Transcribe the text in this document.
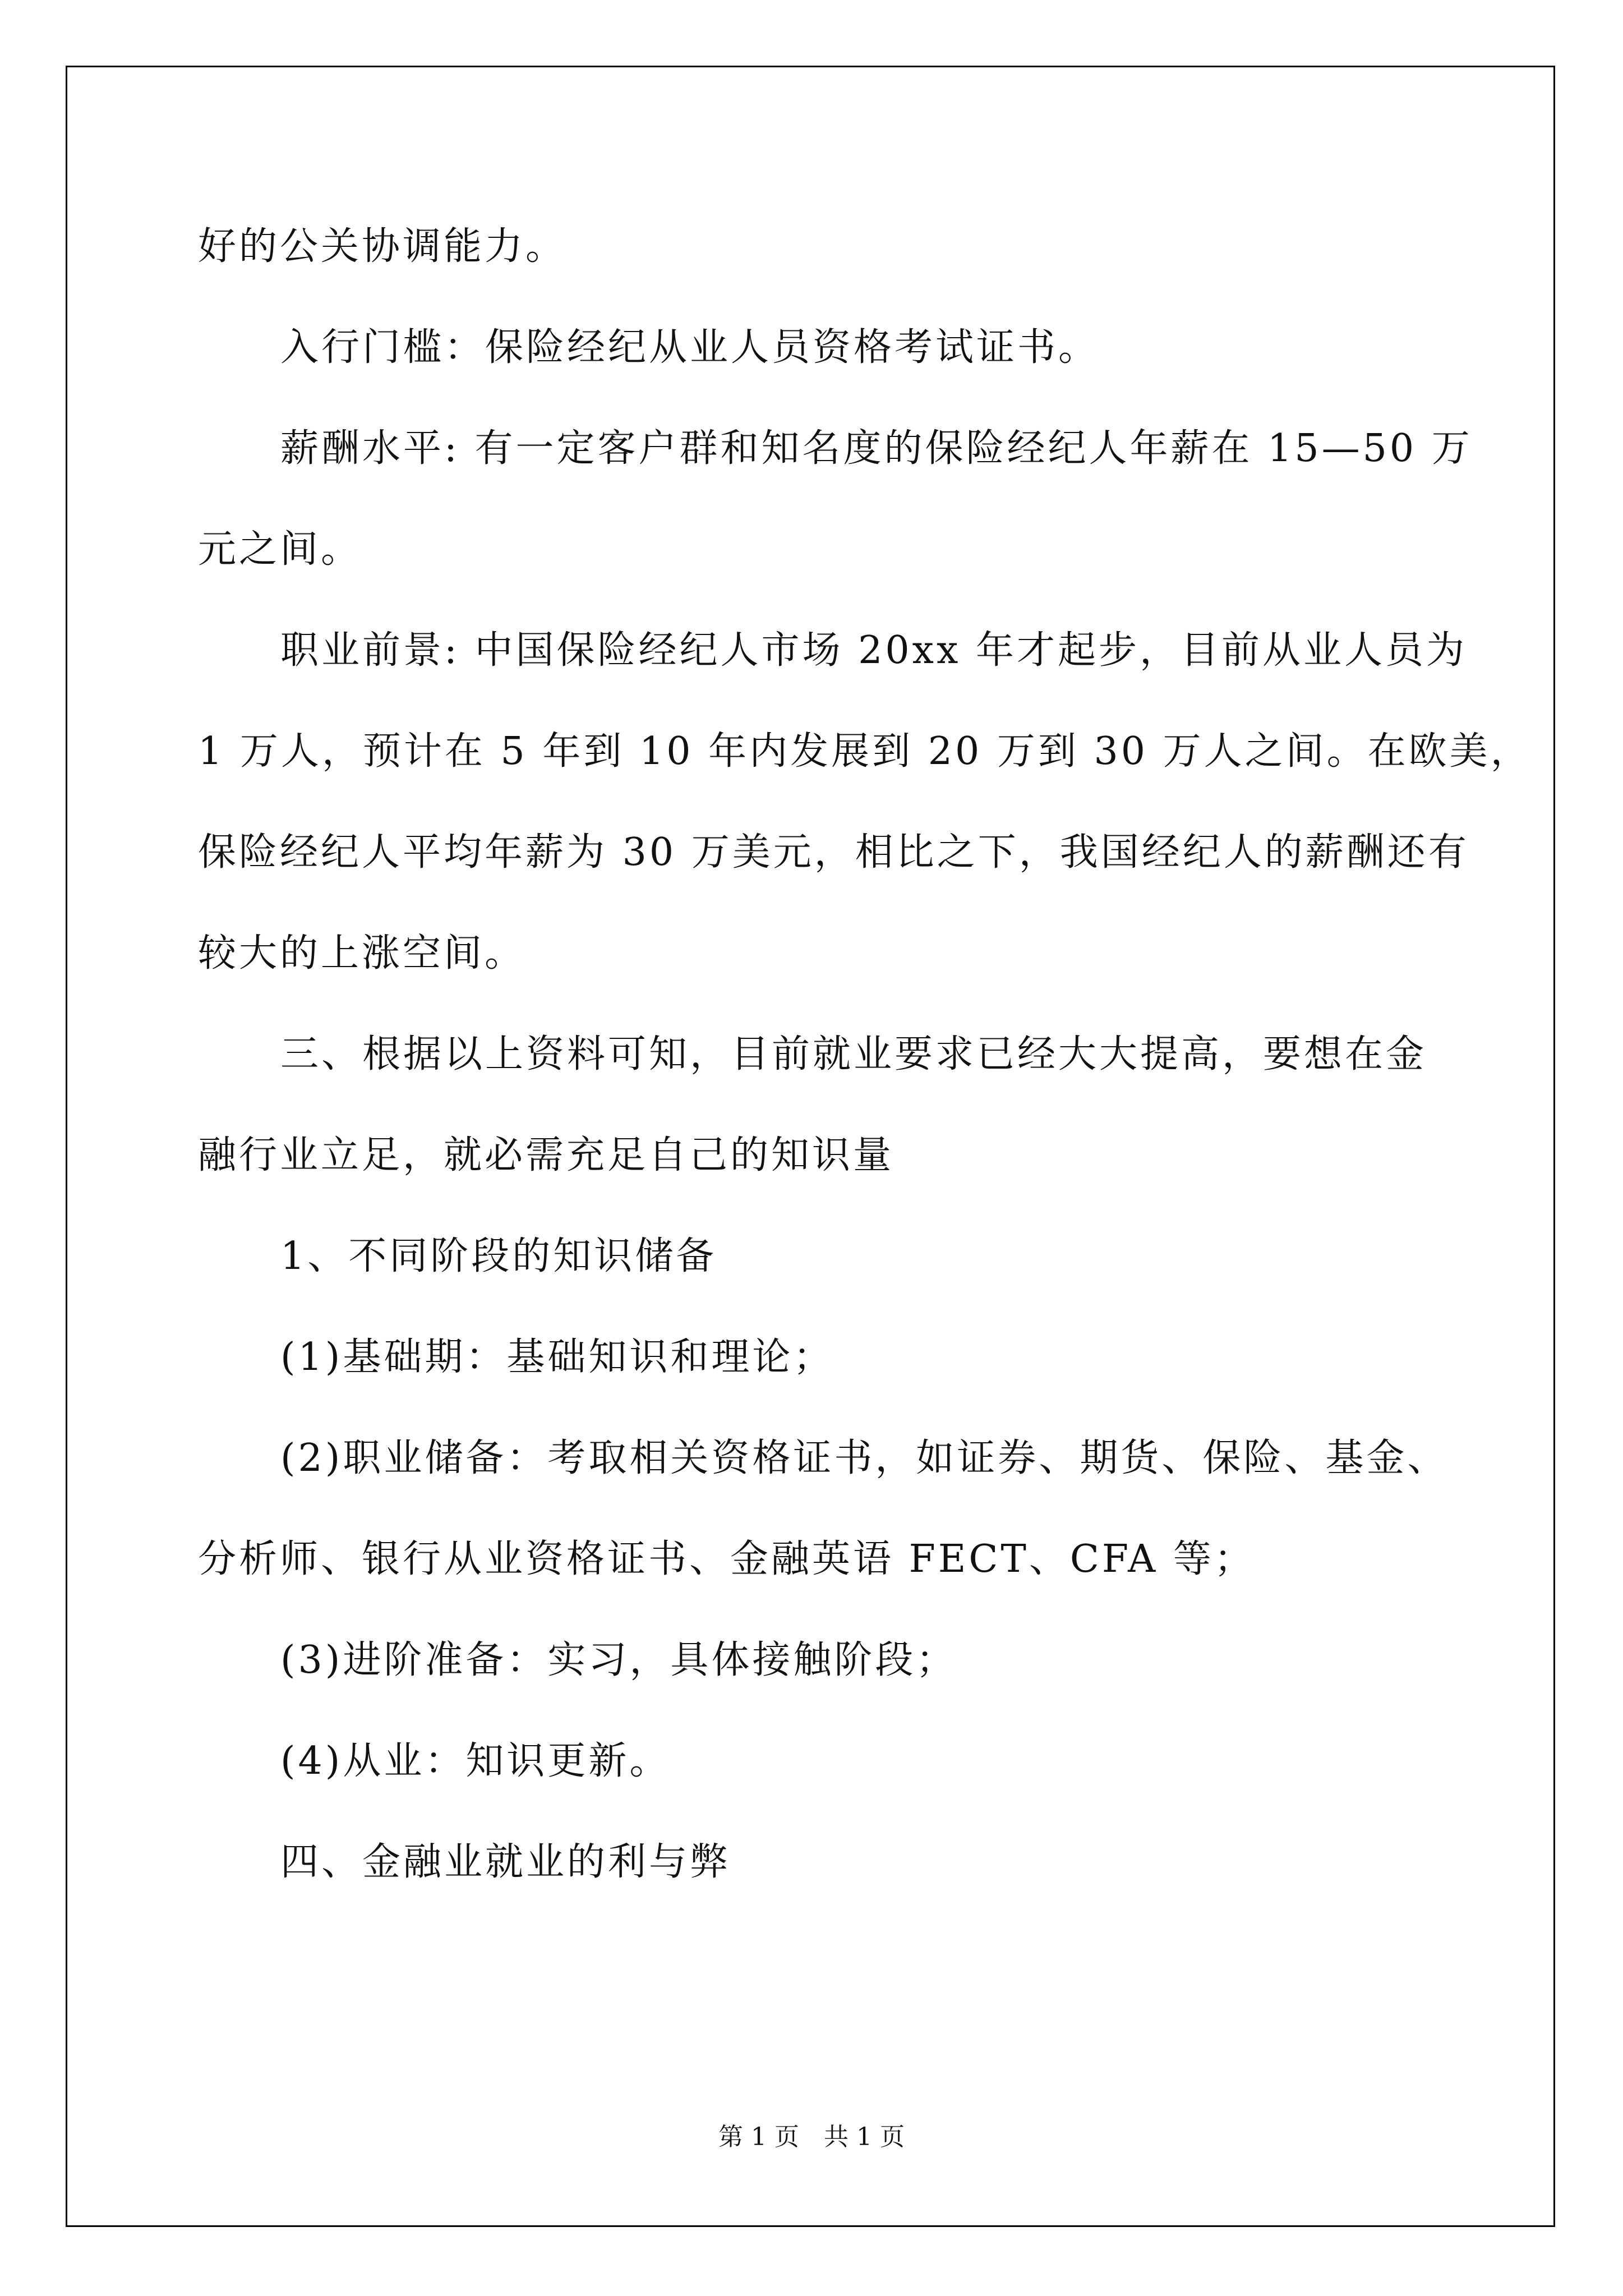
好的公关协调能力。
入行门槛：保险经纪从业人员资格考试证书。
薪酬水平: 有一定客户群和知名度的保险经纪人年薪在 15—50 万
元之间。
职业前景: 中国保险经纪人市场 20xx 年才起步，目前从业人员为
1 万人，预计在 5 年到 10 年内发展到 20 万到 30 万人之间。在欧美，
保险经纪人平均年薪为 30 万美元，相比之下，我国经纪人的薪酬还有
较大的上涨空间。
三、根据以上资料可知，目前就业要求已经大大提高，要想在金
融行业立足，就必需充足自己的知识量
1、不同阶段的知识储备
(1)基础期：基础知识和理论；
(2)职业储备：考取相关资格证书，如证券、期货、保险、基金、
分析师、银行从业资格证书、金融英语 FECT、CFA 等；
(3)进阶准备：实习，具体接触阶段；
(4)从业：知识更新。
四、金融业就业的利与弊
第 1 页　共 1 页
